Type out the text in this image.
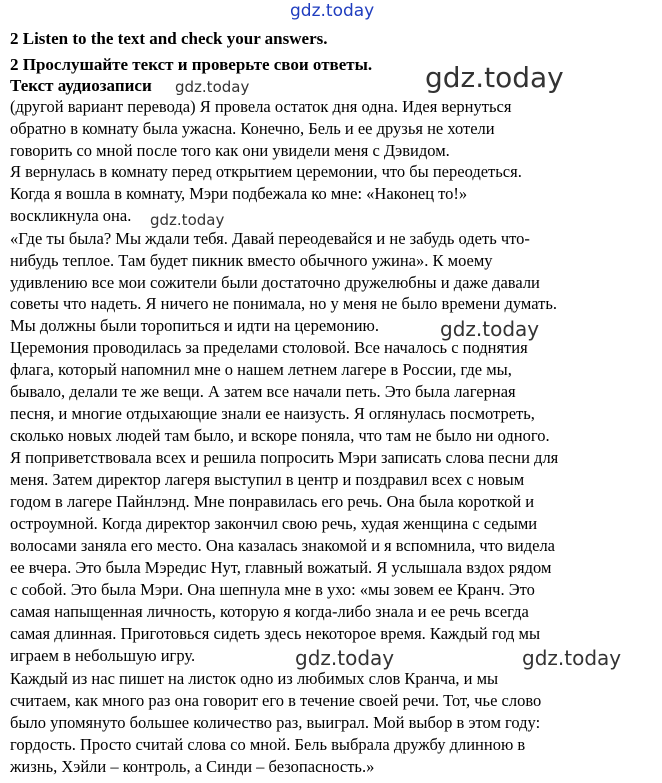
gdz.today
gdz.today
gdz.today
gdz.today
gdz.today
gdz.today	gdz.today
2 Listen to the text and check your answers.
2 Прослушайте текст и проверьте свои ответы.
Текст аудиозаписи
(другой вариант перевода) Я провела остаток дня одна. Идея вернуться
обратно в комнату была ужасна. Конечно, Бель и ее друзья не хотели
говорить со мной после того как они увидели меня с Дэвидом.
Я вернулась в комнату перед открытием церемонии, что бы переодеться.
Когда я вошла в комнату, Мэри подбежала ко мне: «Наконец то!»
воскликнула она.
«Где ты была? Мы ждали тебя. Давай переодевайся и не забудь одеть что-
нибудь теплое. Там будет пикник вместо обычного ужина». К моему
удивлению все мои сожители были достаточно дружелюбны и даже давали
советы что надеть. Я ничего не понимала, но у меня не было времени думать.
Мы должны были торопиться и идти на церемонию.
Церемония проводилась за пределами столовой. Все началось с поднятия
флага, который напомнил мне о нашем летнем лагере в России, где мы,
бывало, делали те же вещи. А затем все начали петь. Это была лагерная
песня, и многие отдыхающие знали ее наизусть. Я оглянулась посмотреть,
сколько новых людей там было, и вскоре поняла, что там не было ни одного.
Я поприветствовала всех и решила попросить Мэри записать слова песни для
меня. Затем директор лагеря выступил в центр и поздравил всех с новым
годом в лагере Пайнлэнд. Мне понравилась его речь. Она была короткой и
остроумной. Когда директор закончил свою речь, худая женщина с седыми
волосами заняла его место. Она казалась знакомой и я вспомнила, что видела
ее вчера. Это была Мэредис Нут, главный вожатый. Я услышала вздох рядом
с собой. Это была Мэри. Она шепнула мне в ухо: «мы зовем ее Кранч. Это
самая напыщенная личность, которую я когда-либо знала и ее речь всегда
самая длинная. Приготовься сидеть здесь некоторое время. Каждый год мы
играем в небольшую игру.
Каждый из нас пишет на листок одно из любимых слов Кранча, и мы
считаем, как много раз она говорит его в течение своей речи. Тот, чье слово
было упомянуто большее количество раз, выиграл. Мой выбор в этом году:
гордость. Просто считай слова со мной. Бель выбрала дружбу длинною в
жизнь, Хэйли – контроль, а Синди – безопасность.»
